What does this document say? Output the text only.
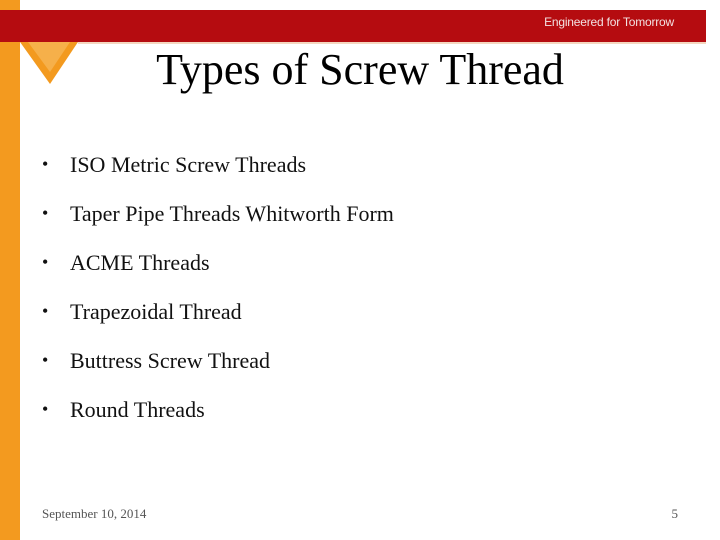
Engineered for Tomorrow
Types of Screw Thread
• ISO Metric Screw Threads
• Taper Pipe Threads Whitworth Form
• ACME Threads
• Trapezoidal Thread
• Buttress Screw Thread
• Round Threads
September 10, 2014	5
